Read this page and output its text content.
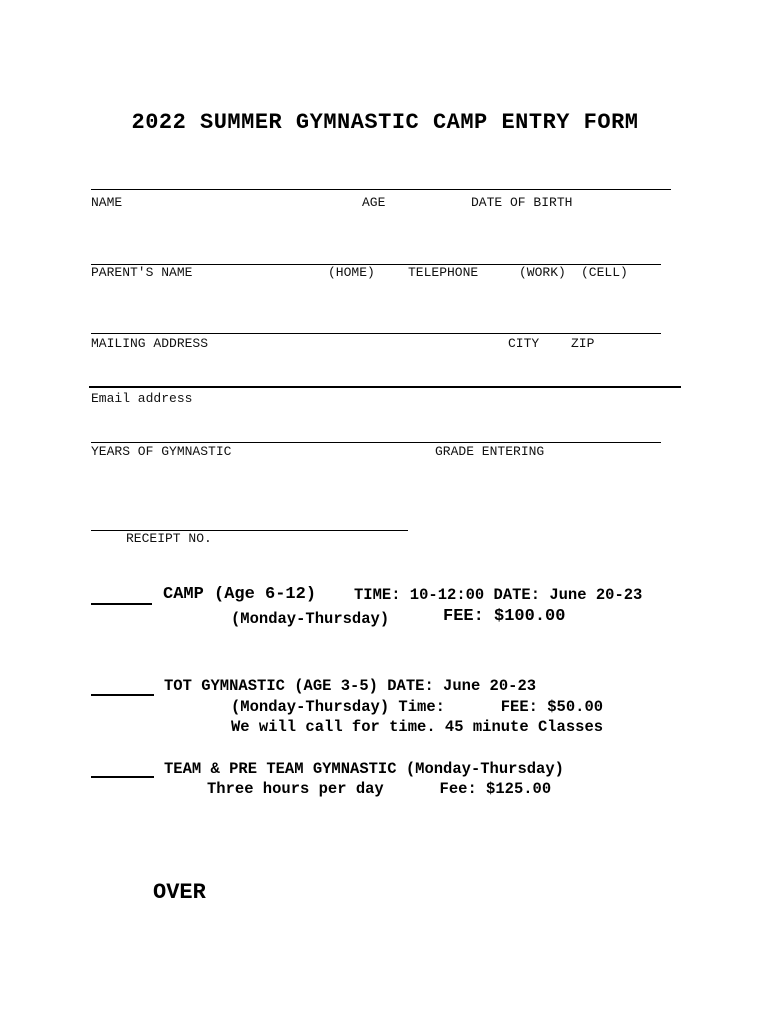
2022 SUMMER GYMNASTIC CAMP ENTRY FORM
NAME	AGE	DATE OF BIRTH
PARENT'S NAME	(HOME)	TELEPHONE	(WORK) (CELL)
MAILING ADDRESS	CITY ZIP
Email address
YEARS OF GYMNASTIC	GRADE ENTERING
RECEIPT NO.
CAMP (Age 6-12) TIME: 10-12:00 DATE: June 20-23
(Monday-Thursday)	FEE: $100.00
TOT GYMNASTIC (AGE 3-5) DATE: June 20-23
(Monday-Thursday) Time:      FEE: $50.00
We will call for time. 45 minute Classes
TEAM & PRE TEAM GYMNASTIC (Monday-Thursday)
Three hours per day      Fee: $125.00
OVER
